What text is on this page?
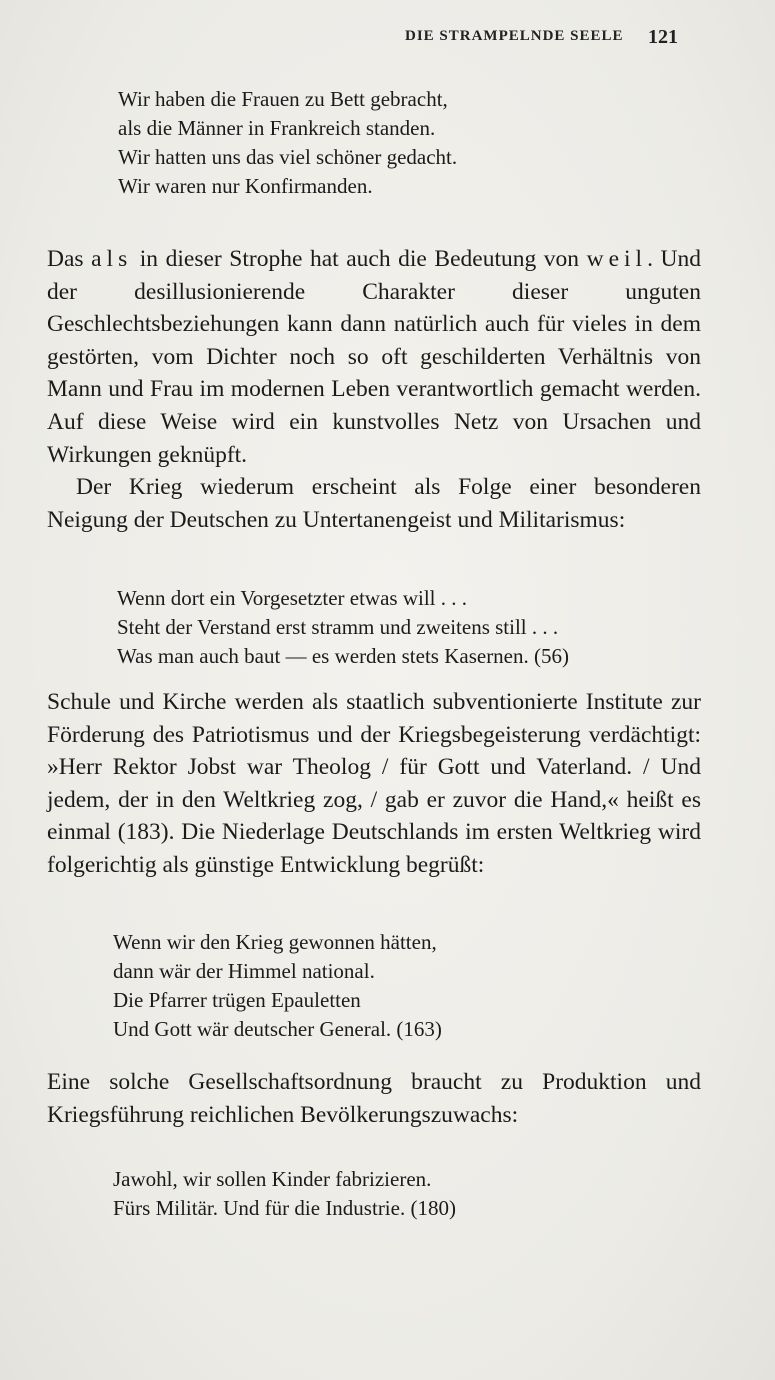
DIE STRAMPELNDE SEELE 121
Wir haben die Frauen zu Bett gebracht,
als die Männer in Frankreich standen.
Wir hatten uns das viel schöner gedacht.
Wir waren nur Konfirmanden.

Das als in dieser Strophe hat auch die Bedeutung von weil. Und der desillusionierende Charakter dieser unguten Geschlechtsbeziehungen kann dann natürlich auch für vieles in dem gestörten, vom Dichter noch so oft geschilderten Verhältnis von Mann und Frau im modernen Leben verantwortlich gemacht werden. Auf diese Weise wird ein kunstvolles Netz von Ursachen und Wirkungen geknüpft.

Der Krieg wiederum erscheint als Folge einer besonderen Neigung der Deutschen zu Untertanengeist und Militarismus:

Wenn dort ein Vorgesetzter etwas will . . .
Steht der Verstand erst stramm und zweitens still . . .
Was man auch baut — es werden stets Kasernen. (56)

Schule und Kirche werden als staatlich subventionierte Institute zur Förderung des Patriotismus und der Kriegsbegeisterung verdächtigt: »Herr Rektor Jobst war Theolog / für Gott und Vaterland. / Und jedem, der in den Weltkrieg zog, / gab er zuvor die Hand,« heißt es einmal (183). Die Niederlage Deutschlands im ersten Weltkrieg wird folgerichtig als günstige Entwicklung begrüßt:

Wenn wir den Krieg gewonnen hätten,
dann wär der Himmel national.
Die Pfarrer trügen Epauletten
Und Gott wär deutscher General. (163)

Eine solche Gesellschaftsordnung braucht zu Produktion und Kriegsführung reichlichen Bevölkerungszuwachs:

Jawohl, wir sollen Kinder fabrizieren.
Fürs Militär. Und für die Industrie. (180)
